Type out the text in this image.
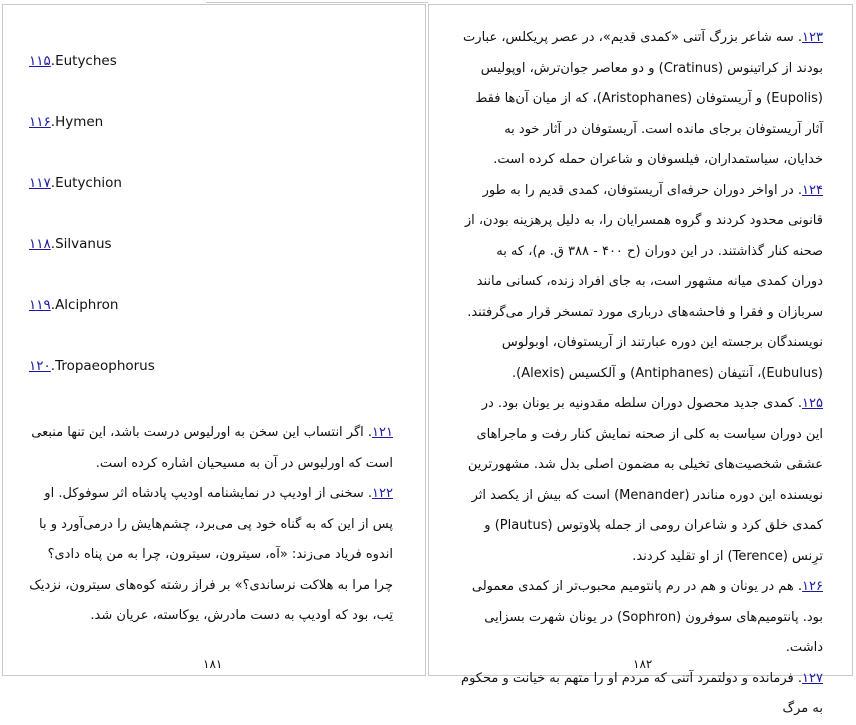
۱۱۵.Eutyches
۱۱۶.Hymen
۱۱۷.Eutychion
۱۱۸.Silvanus
۱۱۹.Alciphron
۱۲۰.Tropaeophorus

۱۲۱. اگر انتساب این سخن به اورلیوس درست باشد، این تنها منبعی است که اورلیوس در آن به مسیحیان اشاره کرده است.

۱۲۲. سخنی از اودیپ در نمایشنامه اودیپ پادشاه اثر سوفوکل. او پس از این که به گناه خود پی می‌برد، چشم‌هایش را درمی‌آورد و با اندوه فریاد می‌زند: «آه، سیترون، سیترون، چرا به من پناه دادی؟ چرا مرا به هلاکت نرساندی؟» بر فراز رشته کوه‌های سیترون، نزدیک تِب، بود که اودیپ به دست مادرش، یوکاسته، عریان شد.

۱۸۱

۱۲۳. سه شاعر بزرگ آتنی «کمدی قدیم»، در عصر پریکلس، عبارت بودند از کراتینوس (Cratinus) و دو معاصر جوان‌ترش، اوپولیس (Eupolis) و آریستوفان (Aristophanes)، که از میان آن‌ها فقط آثار آریستوفان برجای مانده است. آریستوفان در آثار خود به خدایان، سیاستمداران، فیلسوفان و شاعران حمله کرده است.

۱۲۴. در اواخر دوران حرفه‌ای آریستوفان، کمدی قدیم را به طور قانونی محدود کردند و گروه همسرایان را، به دلیل پرهزینه بودن، از صحنه کنار گذاشتند. در این دوران (ح ۴۰۰ - ۳۸۸ ق. م)، که به دوران کمدی میانه مشهور است، به جای افراد زنده، کسانی مانند سربازان و فقرا و فاحشه‌های درباری مورد تمسخر قرار می‌گرفتند. نویسندگان برجسته این دوره عبارتند از آریستوفان، اوبولوس (Eubulus)، آنتیفان (Antiphanes) و آلکسیس (Alexis).

۱۲۵. کمدی جدید محصول دوران سلطه مقدونیه بر یونان بود. در این دوران سیاست به کلی از صحنه نمایش کنار رفت و ماجراهای عشقی شخصیت‌های تخیلی به مضمون اصلی بدل شد. مشهورترین نویسنده این دوره مناندر (Menander) است که بیش از یکصد اثر کمدی خلق کرد و شاعران رومی از جمله پلاوتوس (Plautus) و ترِنس (Terence) از او تقلید کردند.

۱۲۶. هم در یونان و هم در رم پانتومیم محبوب‌تر از کمدی معمولی بود. پانتومیم‌های سوفرون (Sophron) در یونان شهرت بسزایی داشت.

۱۲۷. فرمانده و دولتمرد آتنی که مردم او را متهم به خیانت و محکوم به مرگ

۱۸۲
